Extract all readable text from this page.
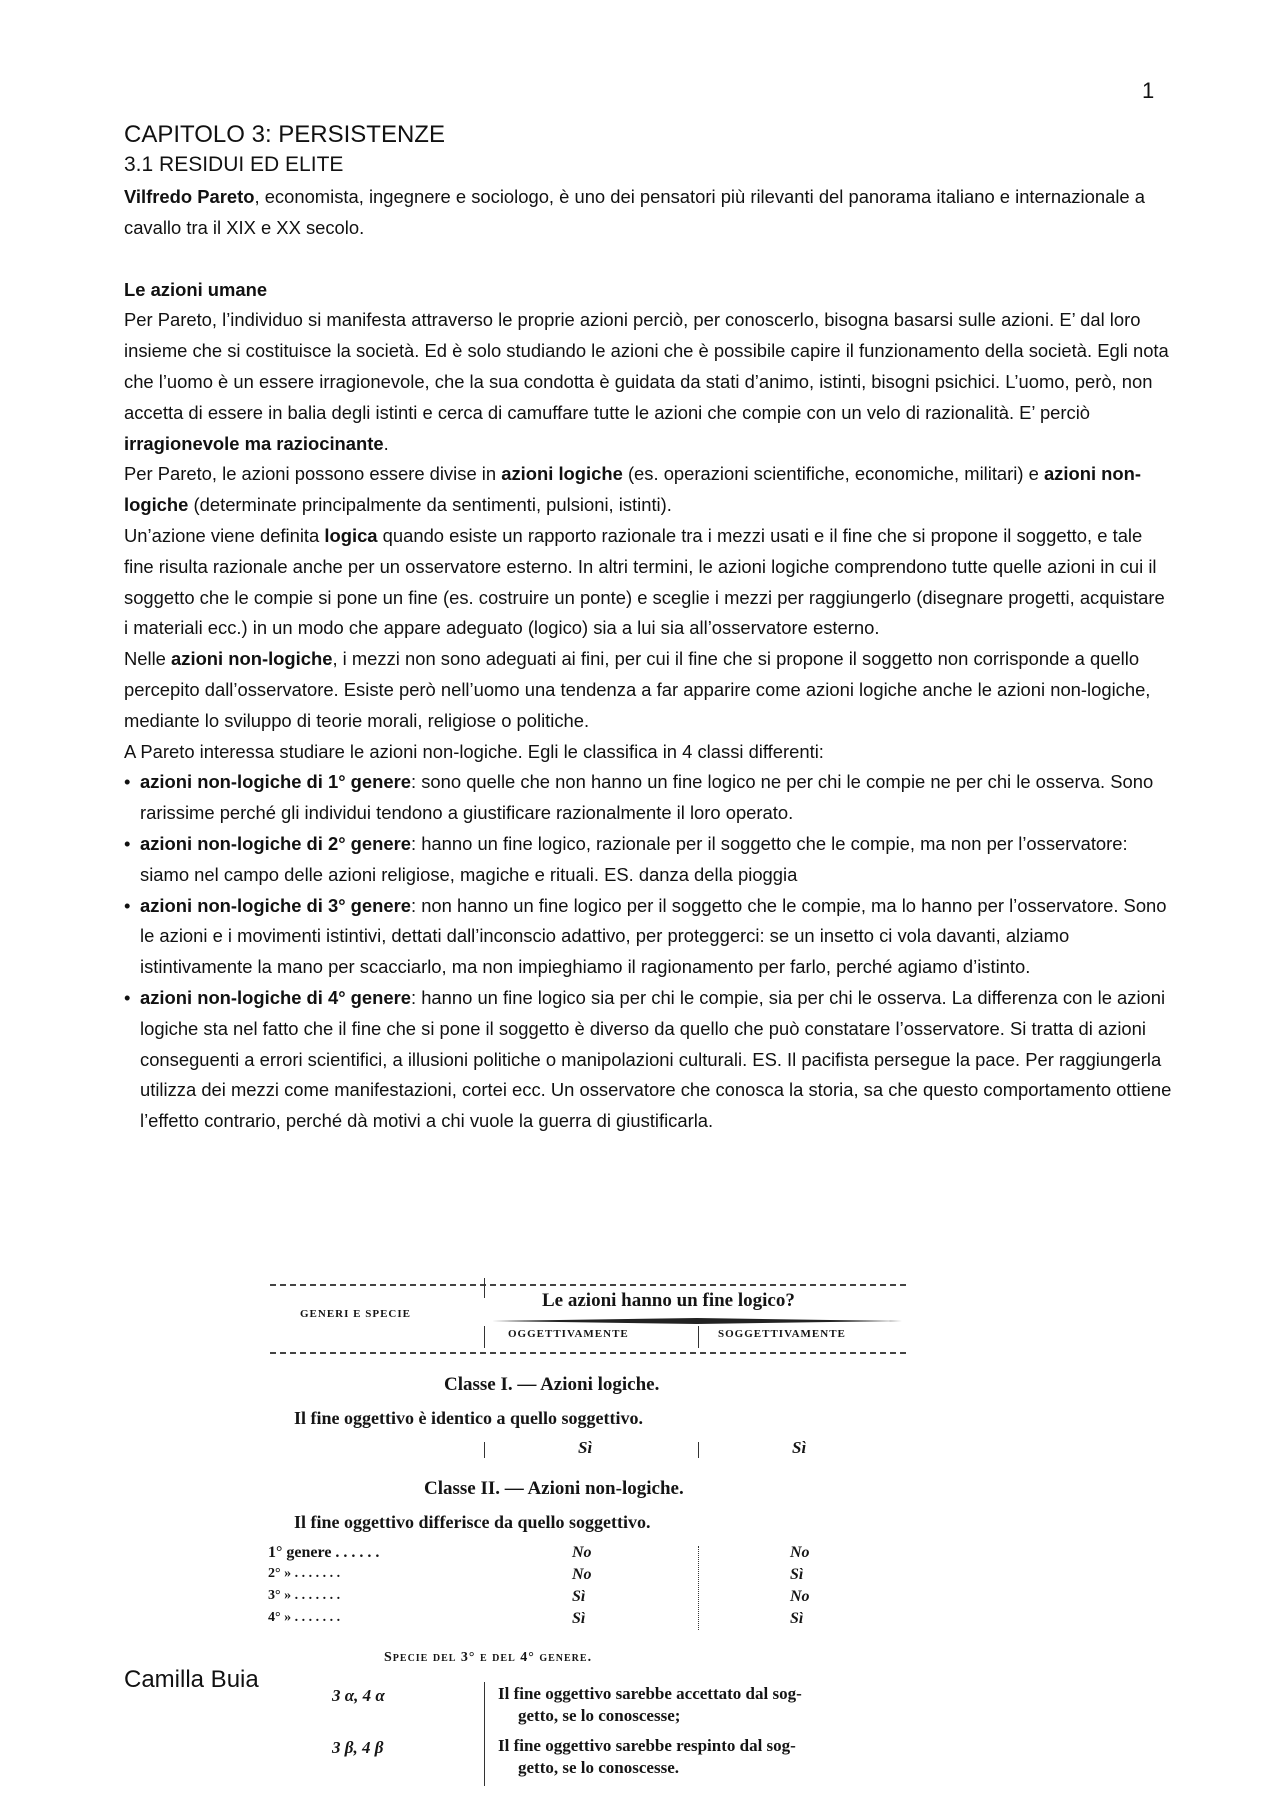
1
CAPITOLO 3: PERSISTENZE
3.1 RESIDUI ED ELITE

Vilfredo Pareto, economista, ingegnere e sociologo, è uno dei pensatori più rilevanti del panorama italiano e internazionale a cavallo tra il XIX e XX secolo.

Le azioni umane

Per Pareto, l’individuo si manifesta attraverso le proprie azioni perciò, per conoscerlo, bisogna basarsi sulle azioni. E’ dal loro insieme che si costituisce la società. Ed è solo studiando le azioni che è possibile capire il funzionamento della società. Egli nota che l’uomo è un essere irragionevole, che la sua condotta è guidata da stati d’animo, istinti, bisogni psichici. L’uomo, però, non accetta di essere in balia degli istinti e cerca di camuffare tutte le azioni che compie con un velo di razionalità. E’ perciò irragionevole ma raziocinante.

Per Pareto, le azioni possono essere divise in azioni logiche (es. operazioni scientifiche, economiche, militari) e azioni non-logiche (determinate principalmente da sentimenti, pulsioni, istinti).

Un’azione viene definita logica quando esiste un rapporto razionale tra i mezzi usati e il fine che si propone il soggetto, e tale fine risulta razionale anche per un osservatore esterno. In altri termini, le azioni logiche comprendono tutte quelle azioni in cui il soggetto che le compie si pone un fine (es. costruire un ponte) e sceglie i mezzi per raggiungerlo (disegnare progetti, acquistare i materiali ecc.) in un modo che appare adeguato (logico) sia a lui sia all’osservatore esterno.

Nelle azioni non-logiche, i mezzi non sono adeguati ai fini, per cui il fine che si propone il soggetto non corrisponde a quello percepito dall’osservatore. Esiste però nell’uomo una tendenza a far apparire come azioni logiche anche le azioni non-logiche, mediante lo sviluppo di teorie morali, religiose o politiche.

A Pareto interessa studiare le azioni non-logiche. Egli le classifica in 4 classi differenti:

• azioni non-logiche di 1° genere: sono quelle che non hanno un fine logico ne per chi le compie ne per chi le osserva. Sono rarissime perché gli individui tendono a giustificare razionalmente il loro operato.
• azioni non-logiche di 2° genere: hanno un fine logico, razionale per il soggetto che le compie, ma non per l’osservatore: siamo nel campo delle azioni religiose, magiche e rituali. ES. danza della pioggia
• azioni non-logiche di 3° genere: non hanno un fine logico per il soggetto che le compie, ma lo hanno per l’osservatore. Sono le azioni e i movimenti istintivi, dettati dall’inconscio adattivo, per proteggerci: se un insetto ci vola davanti, alziamo istintivamente la mano per scacciarlo, ma non impieghiamo il ragionamento per farlo, perché agiamo d’istinto.
• azioni non-logiche di 4° genere: hanno un fine logico sia per chi le compie, sia per chi le osserva. La differenza con le azioni logiche sta nel fatto che il fine che si pone il soggetto è diverso da quello che può constatare l’osservatore. Si tratta di azioni conseguenti a errori scientifici, a illusioni politiche o manipolazioni culturali. ES. Il pacifista persegue la pace. Per raggiungerla utilizza dei mezzi come manifestazioni, cortei ecc. Un osservatore che conosca la storia, sa che questo comportamento ottiene l’effetto contrario, perché dà motivi a chi vuole la guerra di giustificarla.
Le azioni hanno un fine logico?
GENERI E SPECIE
OGGETTIVAMENTE	SOGGETTIVAMENTE
Classe I. — Azioni logiche.
Il fine oggettivo è identico a quello soggettivo.
Sì	Sì
Classe II. — Azioni non-logiche.
Il fine oggettivo differisce da quello soggettivo.
1° genere . . . . . .	No	No
2° » . . . . . . .	No	Sì
3° » . . . . . . .	Sì	No
4° » . . . . . . .	Sì	Sì
Specie del 3° e del 4° genere.
3 α, 4 α	Il fine oggettivo sarebbe accettato dal sog-
getto, se lo conoscesse;
3 β, 4 β	Il fine oggettivo sarebbe respinto dal sog-
getto, se lo conoscesse.
Camilla Buia
